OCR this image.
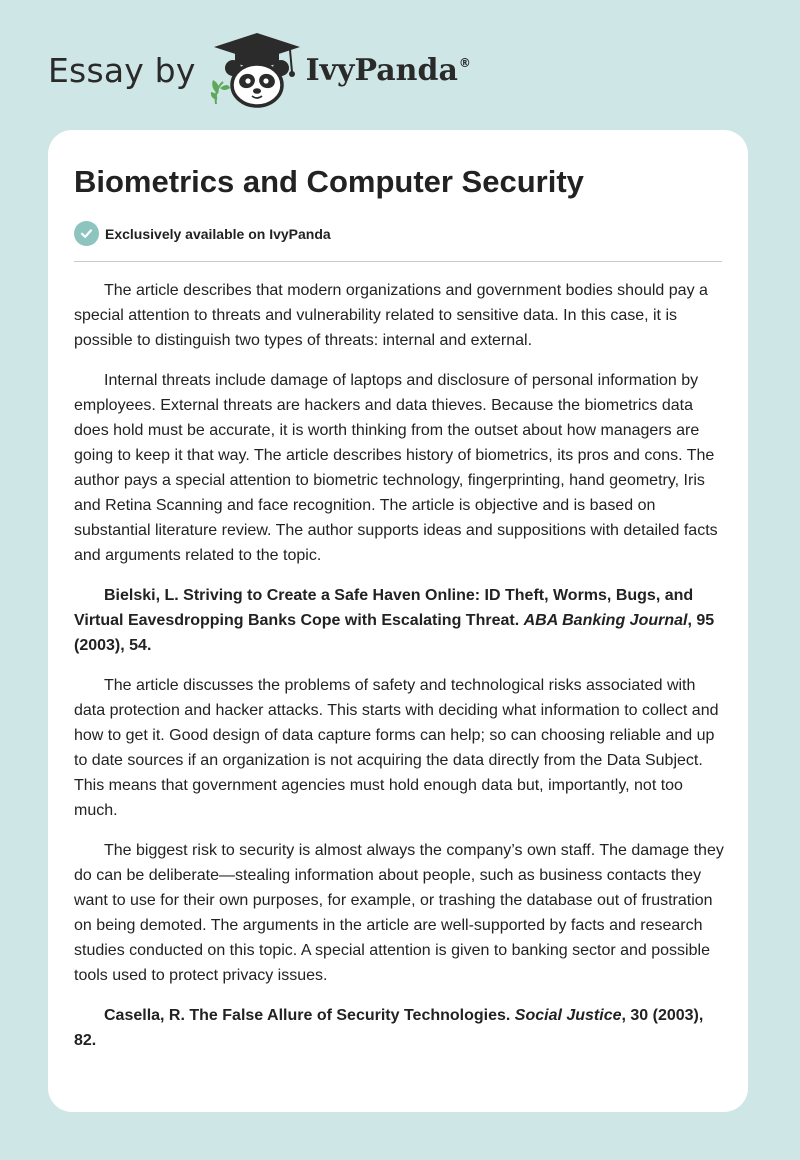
Essay by	IvyPanda ®
Biometrics and Computer Security
Exclusively available on IvyPanda

The article describes that modern organizations and government bodies should pay a special attention to threats and vulnerability related to sensitive data. In this case, it is possible to distinguish two types of threats: internal and external.

Internal threats include damage of laptops and disclosure of personal information by employees. External threats are hackers and data thieves. Because the biometrics data does hold must be accurate, it is worth thinking from the outset about how managers are going to keep it that way. The article describes history of biometrics, its pros and cons. The author pays a special attention to biometric technology, fingerprinting, hand geometry, Iris and Retina Scanning and face recognition. The article is objective and is based on substantial literature review. The author supports ideas and suppositions with detailed facts and arguments related to the topic.

Bielski, L. Striving to Create a Safe Haven Online: ID Theft, Worms, Bugs, and Virtual Eavesdropping Banks Cope with Escalating Threat. ABA Banking Journal, 95 (2003), 54.

The article discusses the problems of safety and technological risks associated with data protection and hacker attacks. This starts with deciding what information to collect and how to get it. Good design of data capture forms can help; so can choosing reliable and up to date sources if an organization is not acquiring the data directly from the Data Subject. This means that government agencies must hold enough data but, importantly, not too much.

The biggest risk to security is almost always the company’s own staff. The damage they do can be deliberate—stealing information about people, such as business contacts they want to use for their own purposes, for example, or trashing the database out of frustration on being demoted. The arguments in the article are well-supported by facts and research studies conducted on this topic. A special attention is given to banking sector and possible tools used to protect privacy issues.

Casella, R. The False Allure of Security Technologies. Social Justice, 30 (2003), 82.
